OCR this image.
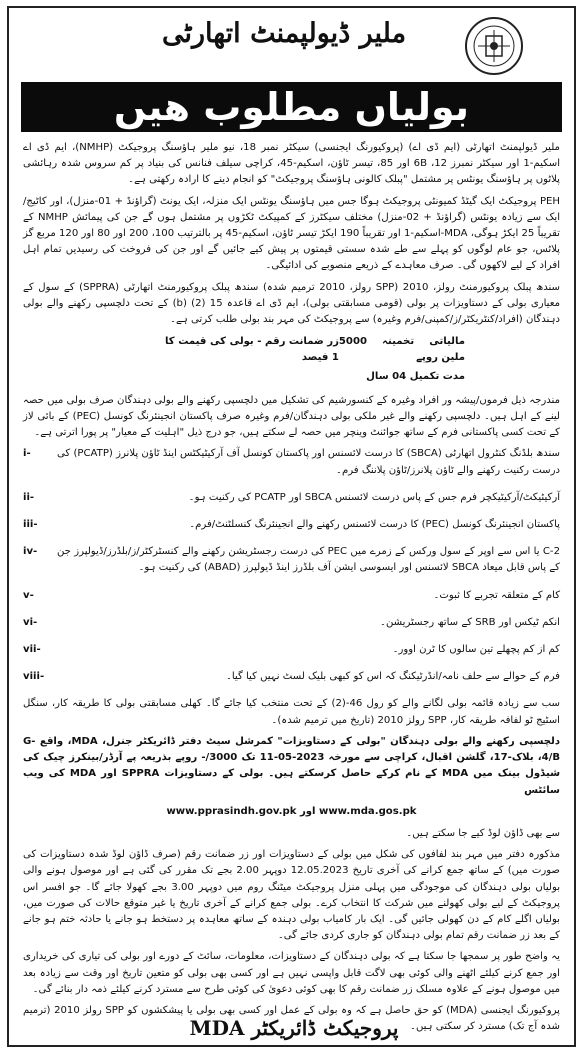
ملیر ڈیولپمنٹ اتھارٹی
بولیاں مطلوب ھیں

ملیر ڈیولپمنٹ اتھارٹی (ایم ڈی اے) (پروکیورنگ ایجنسی) سیکٹر نمبر 18، نیو ملیر ہاؤسنگ پروجیکٹ (NMHP)، ایم ڈی اے اسکیم-1 اور سیکٹر نمبرز 12، 6B اور 85، تیسر ٹاؤن، اسکیم-45، کراچی سیلف فنانس کی بنیاد پر کم سروس شدہ رہائشی پلاٹوں پر ہاؤسنگ یونٹس پر مشتمل "پبلک کالونی ہاؤسنگ پروجیکٹ" کو انجام دینے کا ارادہ رکھتی ہے۔

PEH پروجیکٹ ایک گیٹڈ کمیونٹی پروجیکٹ ہوگا جس میں ہاؤسنگ یونٹس ایک منزلہ، ایک یونٹ (گراؤنڈ + 01-منزل)، اور کاٹیج/ایک سے زیادہ یونٹس (گراؤنڈ + 02-منزل) مختلف سیکٹرز کے کمپیکٹ ٹکڑوں پر مشتمل ہوں گے جن کی پیمائش NMHP کے تقریباً 25 ایکڑ ہوگی، MDA-اسکیم-1 اور تقریباً 190 ایکڑ تیسر ٹاؤن، اسکیم-45 پر بالترتیب 100، 200 اور 80 اور 120 مربع گز پلاٹس، جو عام لوگوں کو پہلے سے طے شدہ سستی قیمتوں پر پیش کیے جائیں گے اور جن کی فروخت کی رسیدیں تمام اہل افراد کے لیے لاکھوں گی۔ صرف معاہدے کے ذریعے منصوبے کی ادائیگی۔

سندھ پبلک پروکیورمنٹ رولز، 2010 (SPP رولز، 2010 ترمیم شدہ) سندھ پبلک پروکیورمنٹ اتھارٹی (SPPRA) کے سول کے معیاری بولی کے دستاویزات پر بولی (قومی مسابقتی بولی)، ایم ڈی اے قاعدہ 15 (2) (b) کے تحت دلچسپی رکھنے والے بولی دہندگان (افراد/کنٹریکٹر/ز/کمپنی/فرم وغیرہ) سے پروجیکٹ کی مہر بند بولی طلب کرتی ہے۔

مالیاتی تخمینہ 5000 ملین روپے
زر ضمانت رقم - بولی کی قیمت کا 1 فیصد
مدت تکمیل 04 سال

مندرجہ ذیل فرموں/پیشہ ور افراد وغیرہ کے کنسورشیم کی تشکیل میں دلچسپی رکھنے والے بولی دہندگان صرف بولی میں حصہ لینے کے اہل ہیں۔ دلچسپی رکھنے والے غیر ملکی بولی دہندگان/فرم وغیرہ صرف پاکستان انجینئرنگ کونسل (PEC) کے بائی لاز کے تحت کسی پاکستانی فرم کے ساتھ جوائنٹ وینچر میں حصہ لے سکتے ہیں، جو درج ذیل "اہلیت کے معیار" پر پورا اترتی ہے۔

سندھ بلڈنگ کنٹرول اتھارٹی (SBCA) کا درست لائسنس اور پاکستان کونسل آف آرکیٹیکٹس اینڈ ٹاؤن پلانرز (PCATP) کی درست رکنیت رکھنے والے ٹاؤن پلانرز/ٹاؤن پلاننگ فرم۔
i-
آرکیٹیکٹ/آرکیٹیکچر فرم جس کے پاس درست لائسنس SBCA اور PCATP کی رکنیت ہو۔
ii-
پاکستان انجینئرنگ کونسل (PEC) کا درست لائسنس رکھنے والے انجینئرنگ کنسلٹنٹ/فرم۔
iii-
C-2 یا اس سے اوپر کے سول ورکس کے زمرے میں PEC کی درست رجسٹریشن رکھنے والے کنسٹرکٹر/ز/بلڈرز/ڈیولپرز جن کے پاس قابل میعاد SBCA لائسنس اور ایسوسی ایشن آف بلڈرز اینڈ ڈیولپرز (ABAD) کی رکنیت ہو۔
iv-
کام کے متعلقہ تجربے کا ثبوت۔
v-
انکم ٹیکس اور SRB کے ساتھ رجسٹریشن۔
vi-
کم از کم پچھلے تین سالوں کا ٹرن اوور۔
vii-
فرم کے حوالے سے حلف نامہ/انڈرٹیکنگ کہ اس کو کبھی بلیک لسٹ نہیں کیا گیا۔
viii-

سب سے زیادہ قائمہ بولی لگانے والے کو رول 46-(2) کے تحت منتخب کیا جائے گا۔ کھلی مسابقتی بولی کا طریقہ کار، سنگل اسٹیج ٹو لفافہ طریقہ کار، SPP رولز 2010 (تاریخ میں ترمیم شدہ)۔

دلچسپی رکھنے والے بولی دہندگان "بولی کے دستاویزات" کمرشل سیٹ دفتر ڈائریکٹر جنرل، MDA، واقع G-4/B، بلاک-17، گلشن اقبال، کراچی سے مورخہ 2023-05-11 تک 3000/- روپے بذریعہ پے آرڈر/بینکرز چیک کی شیڈول بینک میں MDA کے نام کرکے حاصل کرسکتے ہیں۔ بولی کے دستاویزات SPPRA اور MDA کی ویب سائٹس

www.pprasindh.gov.pk اور www.mda.gos.pk

سے بھی ڈاؤن لوڈ کیے جا سکتے ہیں۔

مذکورہ دفتر میں مہر بند لفافوں کی شکل میں بولی کے دستاویزات اور زر ضمانت رقم (صرف ڈاؤن لوڈ شدہ دستاویزات کی صورت میں) کے ساتھ جمع کرانے کی آخری تاریخ 12.05.2023 دوپہر 2.00 بجے تک مقرر کی گئی ہے اور موصول ہونے والی بولیاں بولی دہندگان کی موجودگی میں پہلی منزل پروجیکٹ میٹنگ روم میں دوپہر 3.00 بجے کھولا جائے گا۔ جو افسر اس پروجیکٹ کے لیے بولی کھولنے میں شرکت کا انتخاب کرے۔ بولی جمع کرانے کے آخری تاریخ یا غیر متوقع حالات کی صورت میں، بولیاں اگلے کام کے دن کھولی جائیں گی۔ ایک بار کامیاب بولی دہندہ کے ساتھ معاہدہ پر دستخط ہو جانے یا حادثہ ختم ہو جانے کے بعد زر ضمانت رقم تمام بولی دہندگان کو جاری کردی جائے گی۔

یہ واضح طور پر سمجھا جا سکتا ہے کہ بولی دہندگان کے دستاویزات، معلومات، سائٹ کے دورے اور بولی کی تیاری کی خریداری اور جمع کرنے کیلئے اٹھنے والی کوئی بھی لاگت قابل واپسی نہیں ہے اور کسی بھی بولی کو متعین تاریخ اور وقت سے زیادہ بعد میں موصول ہونے کے علاوہ مسلک زر ضمانت رقم کا بھی کوئی دعویٰ کی کوئی طرح سے مسترد کرنے کیلئے ذمہ دار بنائے گی۔

پروکیورنگ ایجنسی (MDA) کو حق حاصل ہے کہ وہ بولی کے عمل اور کسی بھی بولی یا پیشکشوں کو SPP رولز 2010 (ترمیم شدہ آج تک) مسترد کر سکتی ہیں۔

پروجیکٹ ڈائریکٹر MDA
